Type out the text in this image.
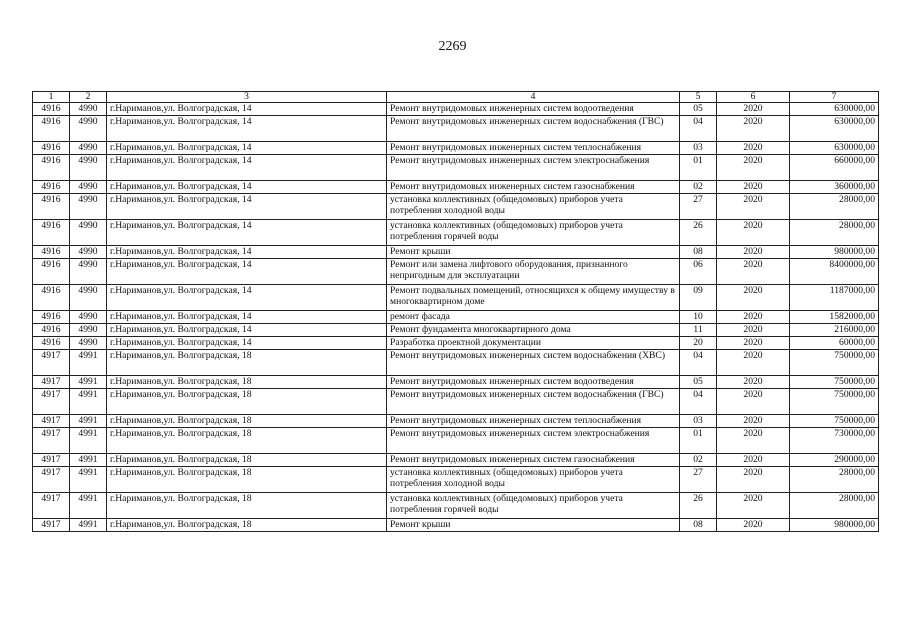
2269
1	2	3	4	5	6	7
4916	4990	г.Нариманов,ул. Волгоградская, 14	Ремонт внутридомовых инженерных систем водоотведения	05	2020	630000,00
4916	4990	г.Нариманов,ул. Волгоградская, 14	Ремонт внутридомовых инженерных систем водоснабжения (ГВС)	04	2020	630000,00
4916	4990	г.Нариманов,ул. Волгоградская, 14	Ремонт внутридомовых инженерных систем теплоснабжения	03	2020	630000,00
4916	4990	г.Нариманов,ул. Волгоградская, 14	Ремонт внутридомовых инженерных систем электроснабжения	01	2020	660000,00
4916	4990	г.Нариманов,ул. Волгоградская, 14	Ремонт внутридомовых инженерных систем газоснабжения	02	2020	360000,00
4916	4990	г.Нариманов,ул. Волгоградская, 14	установка коллективных (общедомовых) приборов учета потребления холодной воды	27	2020	28000,00
4916	4990	г.Нариманов,ул. Волгоградская, 14	установка коллективных (общедомовых) приборов учета потребления горячей воды	26	2020	28000,00
4916	4990	г.Нариманов,ул. Волгоградская, 14	Ремонт крыши	08	2020	980000,00
4916	4990	г.Нариманов,ул. Волгоградская, 14	Ремонт или замена лифтового оборудования, признанного непригодным для эксплуатации	06	2020	8400000,00
4916	4990	г.Нариманов,ул. Волгоградская, 14	Ремонт подвальных помещений, относящихся к общему имуществу в многоквартирном доме	09	2020	1187000,00
4916	4990	г.Нариманов,ул. Волгоградская, 14	ремонт фасада	10	2020	1582000,00
4916	4990	г.Нариманов,ул. Волгоградская, 14	Ремонт фундамента многоквартирного дома	11	2020	216000,00
4916	4990	г.Нариманов,ул. Волгоградская, 14	Разработка проектной документации	20	2020	60000,00
4917	4991	г.Нариманов,ул. Волгоградская, 18	Ремонт внутридомовых инженерных систем водоснабжения (ХВС)	04	2020	750000,00
4917	4991	г.Нариманов,ул. Волгоградская, 18	Ремонт внутридомовых инженерных систем водоотведения	05	2020	750000,00
4917	4991	г.Нариманов,ул. Волгоградская, 18	Ремонт внутридомовых инженерных систем водоснабжения (ГВС)	04	2020	750000,00
4917	4991	г.Нариманов,ул. Волгоградская, 18	Ремонт внутридомовых инженерных систем теплоснабжения	03	2020	750000,00
4917	4991	г.Нариманов,ул. Волгоградская, 18	Ремонт внутридомовых инженерных систем электроснабжения	01	2020	730000,00
4917	4991	г.Нариманов,ул. Волгоградская, 18	Ремонт внутридомовых инженерных систем газоснабжения	02	2020	290000,00
4917	4991	г.Нариманов,ул. Волгоградская, 18	установка коллективных (общедомовых) приборов учета потребления холодной воды	27	2020	28000,00
4917	4991	г.Нариманов,ул. Волгоградская, 18	установка коллективных (общедомовых) приборов учета потребления горячей воды	26	2020	28000,00
4917	4991	г.Нариманов,ул. Волгоградская, 18	Ремонт крыши	08	2020	980000,00
